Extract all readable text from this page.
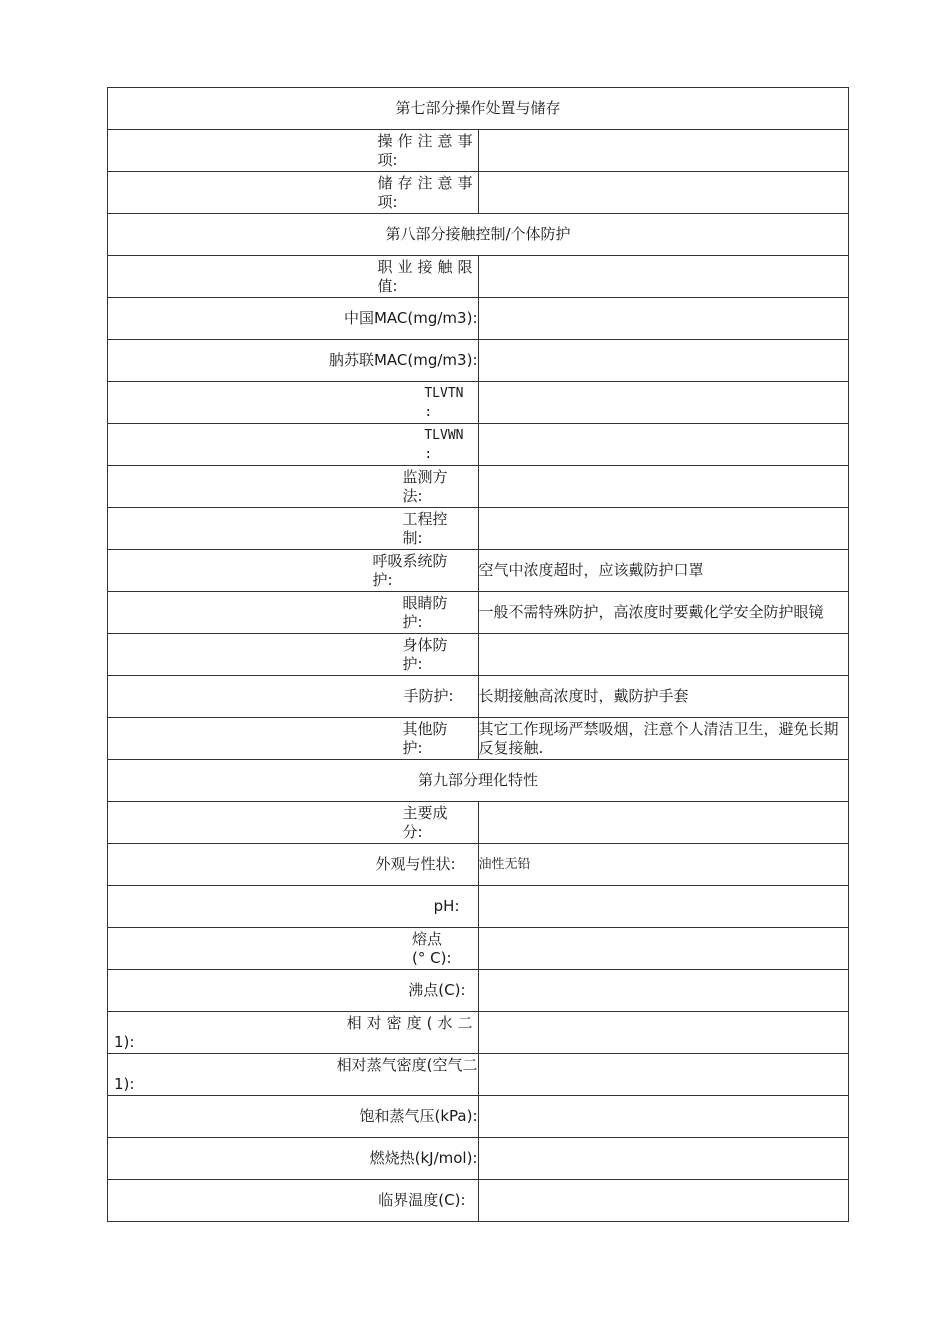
第七部分操作处置与储存	
操作注意事
项:	
储存注意事
项:	
第八部分接触控制/个体防护	
职业接触限
值:	
中国MAC(mg/m3):	
肭苏联MAC(mg/m3):	
TLVTN
:	
TLVWN
:	
监测方
法:	
工程控
制:	
呼吸系统防
护:	空气中浓度超时，应该戴防护口罩
眼睛防
护:	一般不需特殊防护，高浓度时要戴化学安全防护眼镜
身体防
护:	
手防护:	长期接触高浓度时，戴防护手套
其他防
护:	其它工作现场严禁吸烟，注意个人清洁卫生，避免长期反复接触.
第九部分理化特性	
主要成
分:	
外观与性状:	油性无铅
pH:	
熔点
(° C):	
沸点(C):	

相对密度(水二
1):	

相对蒸气密度(空气二
1):	
饱和蒸气压(kPa):	
燃烧热(kJ/mol):	
临界温度(C):	
